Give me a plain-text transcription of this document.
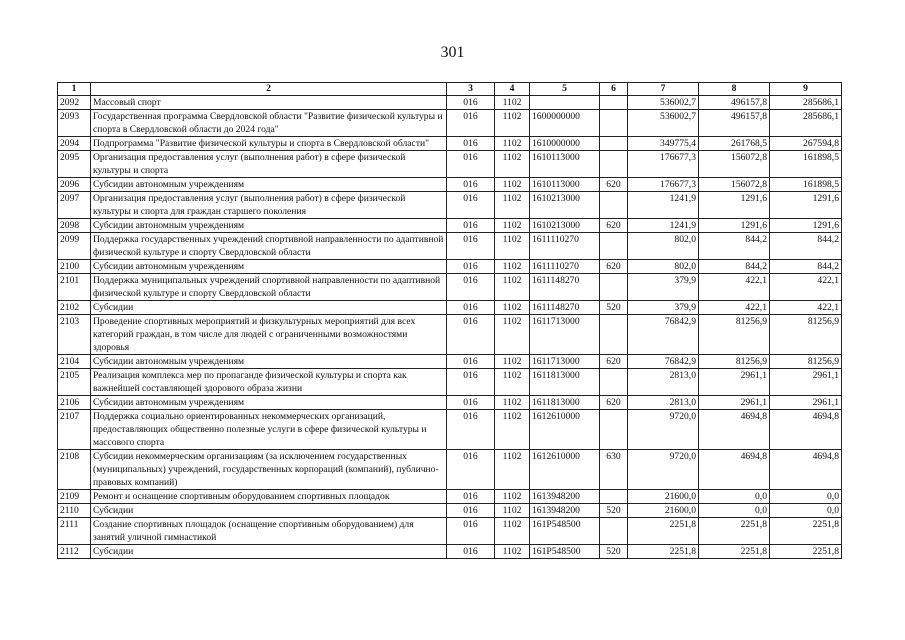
301
1	2	3	4	5	6	7	8	9
2092	Массовый спорт	016	1102			536002,7	496157,8	285686,1
2093	Государственная программа Свердловской области "Развитие физической культуры и спорта в Свердловской области до 2024 года"	016	1102	1600000000		536002,7	496157,8	285686,1
2094	Подпрограмма "Развитие физической культуры и спорта в Свердловской области"	016	1102	1610000000		349775,4	261768,5	267594,8
2095	Организация предоставления услуг (выполнения работ) в сфере физической культуры и спорта	016	1102	1610113000		176677,3	156072,8	161898,5
2096	Субсидии автономным учреждениям	016	1102	1610113000	620	176677,3	156072,8	161898,5
2097	Организация предоставления услуг (выполнения работ) в сфере физической культуры и спорта для граждан старшего поколения	016	1102	1610213000		1241,9	1291,6	1291,6
2098	Субсидии автономным учреждениям	016	1102	1610213000	620	1241,9	1291,6	1291,6
2099	Поддержка государственных учреждений спортивной направленности по адаптивной физической культуре и спорту Свердловской области	016	1102	1611110270		802,0	844,2	844,2
2100	Субсидии автономным учреждениям	016	1102	1611110270	620	802,0	844,2	844,2
2101	Поддержка муниципальных учреждений спортивной направленности по адаптивной физической культуре и спорту Свердловской области	016	1102	1611148270		379,9	422,1	422,1
2102	Субсидии	016	1102	1611148270	520	379,9	422,1	422,1
2103	Проведение спортивных мероприятий и физкультурных мероприятий для всех категорий граждан, в том числе для людей с ограниченными возможностями здоровья	016	1102	1611713000		76842,9	81256,9	81256,9
2104	Субсидии автономным учреждениям	016	1102	1611713000	620	76842,9	81256,9	81256,9
2105	Реализация комплекса мер по пропаганде физической культуры и спорта как важнейшей составляющей здорового образа жизни	016	1102	1611813000		2813,0	2961,1	2961,1
2106	Субсидии автономным учреждениям	016	1102	1611813000	620	2813,0	2961,1	2961,1
2107	Поддержка социально ориентированных некоммерческих организаций, предоставляющих общественно полезные услуги в сфере физической культуры и массового спорта	016	1102	1612610000		9720,0	4694,8	4694,8
2108	Субсидии некоммерческим организациям (за исключением государственных (муниципальных) учреждений, государственных корпораций (компаний), публично-правовых компаний)	016	1102	1612610000	630	9720,0	4694,8	4694,8
2109	Ремонт и оснащение спортивным оборудованием спортивных площадок	016	1102	1613948200		21600,0	0,0	0,0
2110	Субсидии	016	1102	1613948200	520	21600,0	0,0	0,0
2111	Создание спортивных площадок (оснащение спортивным оборудованием) для занятий уличной гимнастикой	016	1102	161P548500		2251,8	2251,8	2251,8
2112	Субсидии	016	1102	161P548500	520	2251,8	2251,8	2251,8
